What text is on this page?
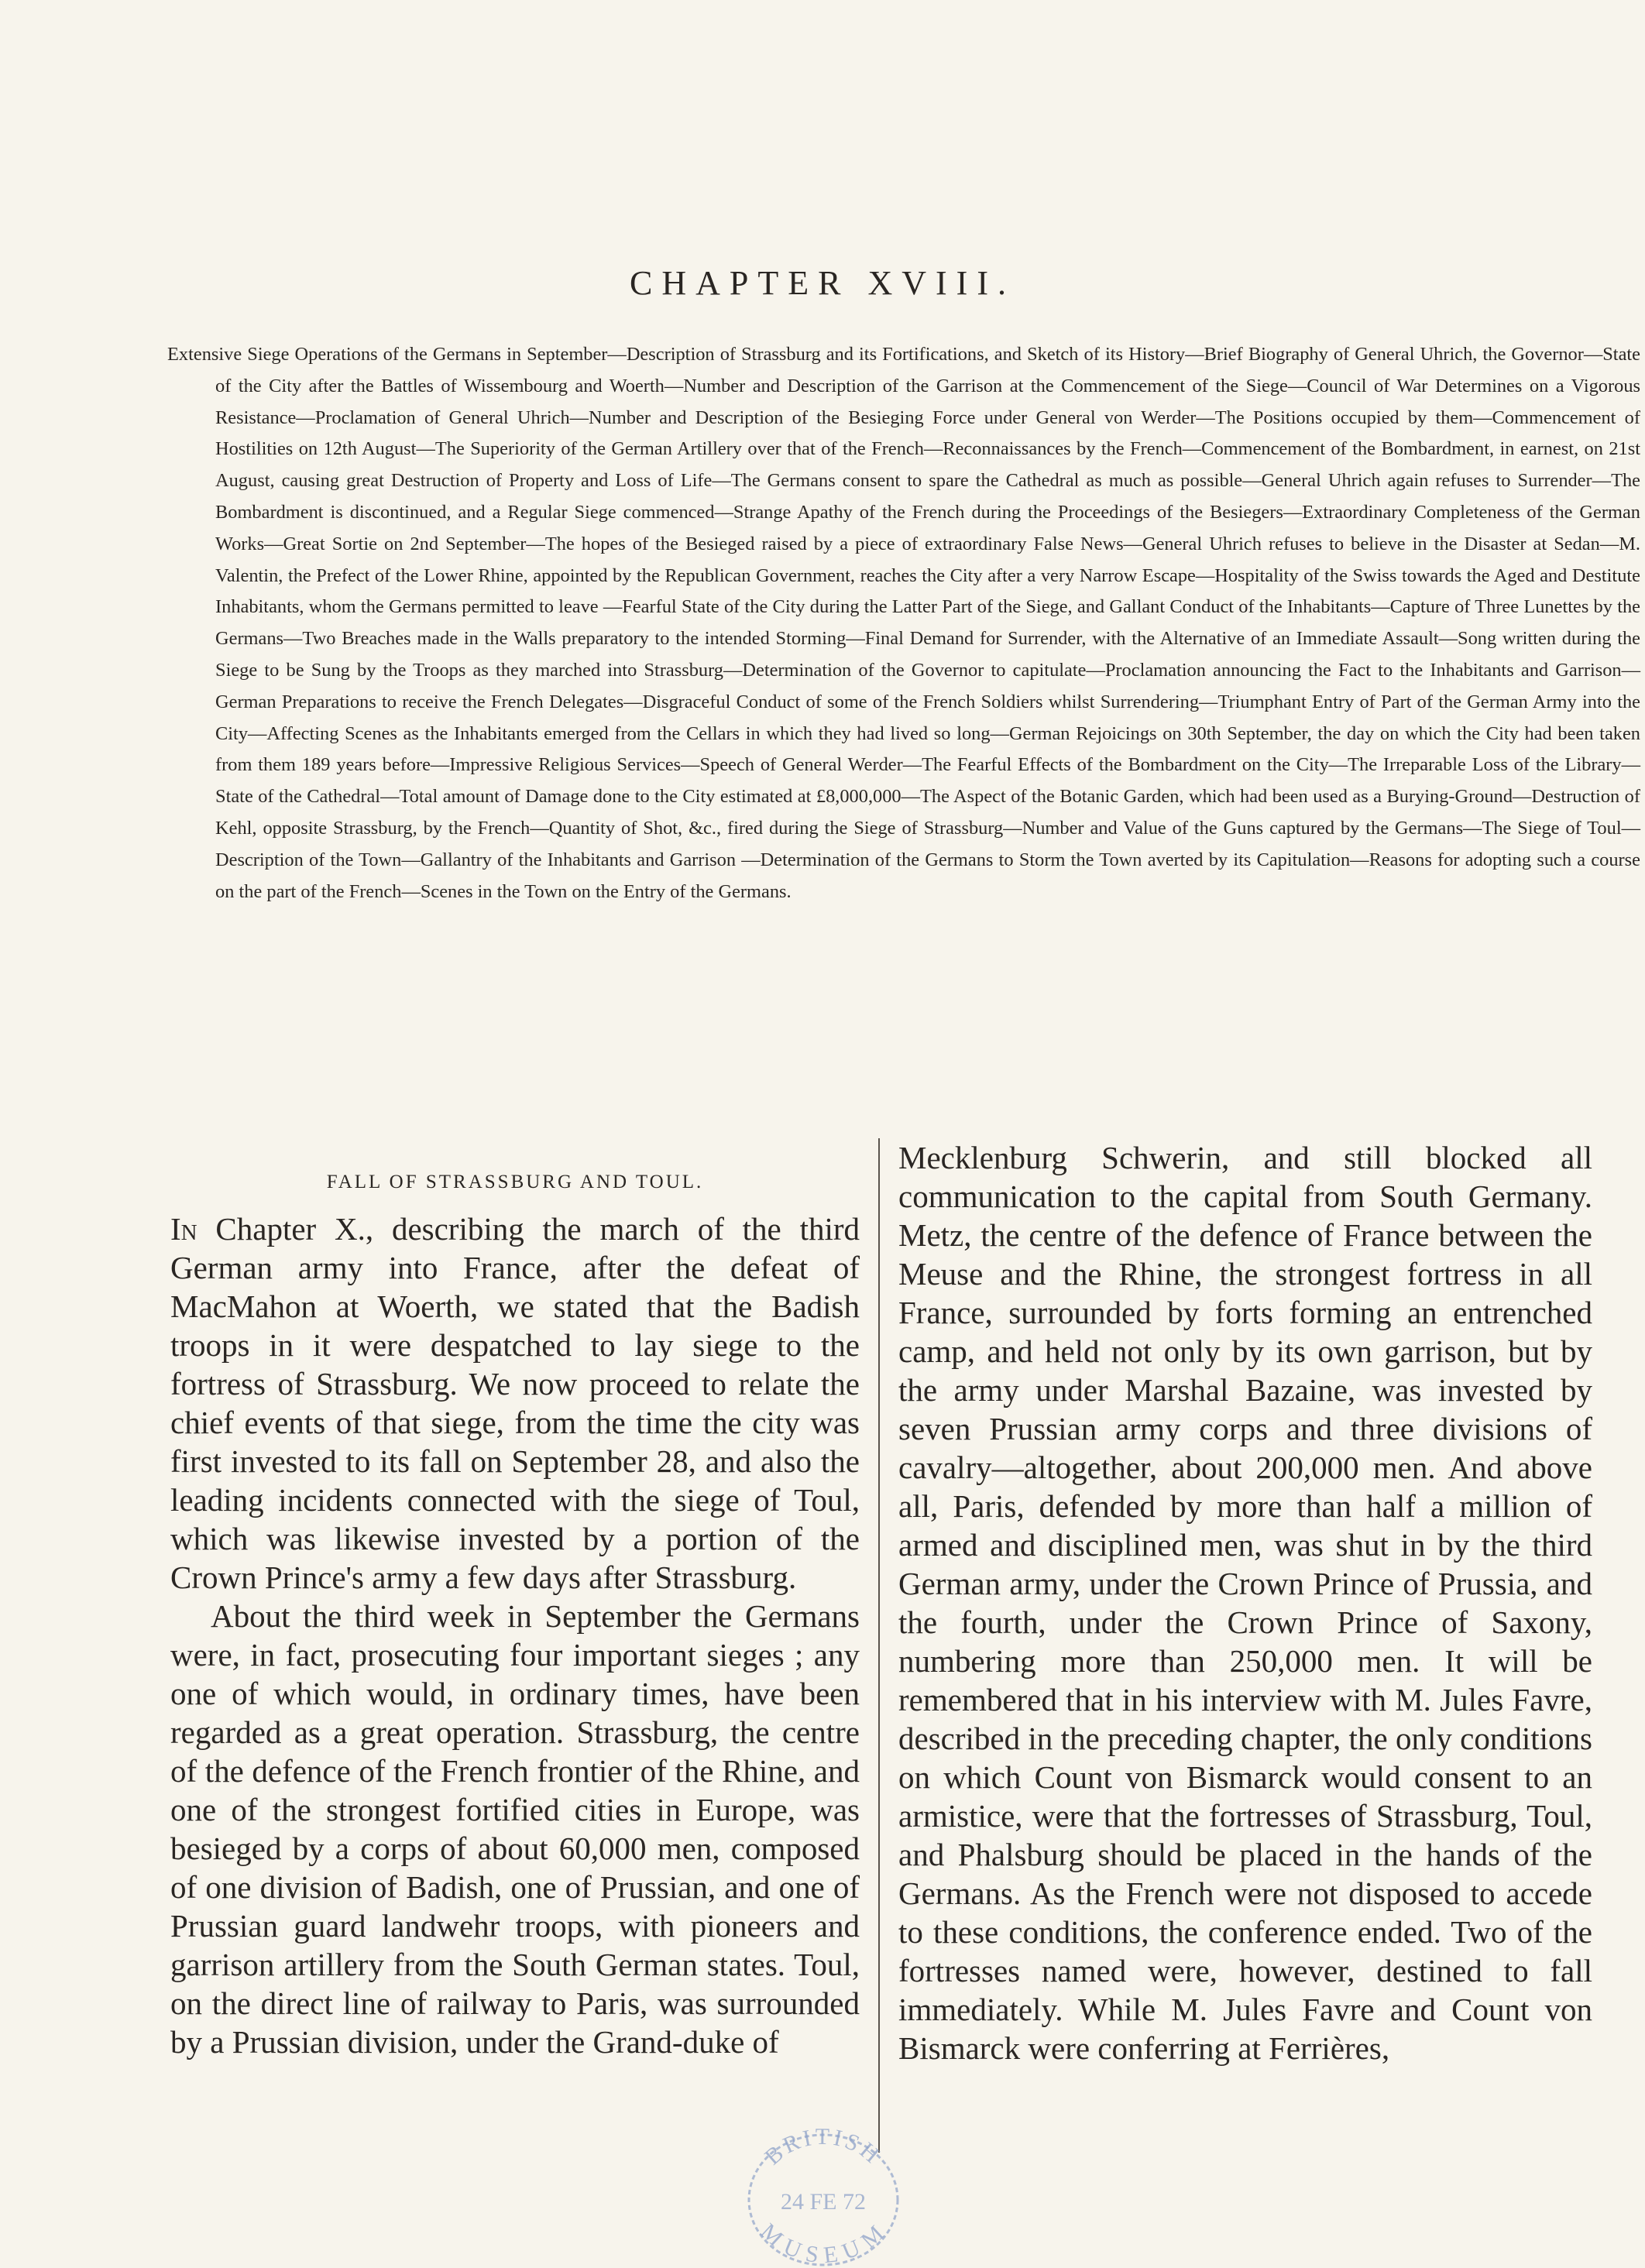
CHAPTER XVIII.

Extensive Siege Operations of the Germans in September—Description of Strassburg and its Fortifications, and Sketch of its History—Brief Biography of General Uhrich, the Governor—State of the City after the Battles of Wissembourg and Woerth—Number and Description of the Garrison at the Commencement of the Siege—Council of War Determines on a Vigorous Resistance—Proclamation of General Uhrich—Number and Description of the Besieging Force under General von Werder—The Positions occupied by them—Commencement of Hostilities on 12th August—The Superiority of the German Artillery over that of the French—Reconnaissances by the French—Commencement of the Bombardment, in earnest, on 21st August, causing great Destruction of Property and Loss of Life—The Germans consent to spare the Cathedral as much as possible—General Uhrich again refuses to Surrender—The Bombardment is discontinued, and a Regular Siege commenced—Strange Apathy of the French during the Proceedings of the Besiegers—Extraordinary Completeness of the German Works—Great Sortie on 2nd September—The hopes of the Besieged raised by a piece of extraordinary False News—General Uhrich refuses to believe in the Disaster at Sedan—M. Valentin, the Prefect of the Lower Rhine, appointed by the Republican Government, reaches the City after a very Narrow Escape—Hospitality of the Swiss towards the Aged and Destitute Inhabitants, whom the Germans permitted to leave —Fearful State of the City during the Latter Part of the Siege, and Gallant Conduct of the Inhabitants—Capture of Three Lunettes by the Germans—Two Breaches made in the Walls preparatory to the intended Storming—Final Demand for Surrender, with the Alternative of an Immediate Assault—Song written during the Siege to be Sung by the Troops as they marched into Strassburg—Determination of the Governor to capitulate—Proclamation announcing the Fact to the Inhabitants and Garrison—German Preparations to receive the French Delegates—Disgraceful Conduct of some of the French Soldiers whilst Surrendering—Triumphant Entry of Part of the German Army into the City—Affecting Scenes as the Inhabitants emerged from the Cellars in which they had lived so long—German Rejoicings on 30th September, the day on which the City had been taken from them 189 years before—Impressive Religious Services—Speech of General Werder—The Fearful Effects of the Bombardment on the City—The Irreparable Loss of the Library—State of the Cathedral—Total amount of Damage done to the City estimated at £8,000,000—The Aspect of the Botanic Garden, which had been used as a Burying-Ground—Destruction of Kehl, opposite Strassburg, by the French—Quantity of Shot, &c., fired during the Siege of Strassburg—Number and Value of the Guns captured by the Germans—The Siege of Toul—Description of the Town—Gallantry of the Inhabitants and Garrison —Determination of the Germans to Storm the Town averted by its Capitulation—Reasons for adopting such a course on the part of the French—Scenes in the Town on the Entry of the Germans.

FALL OF STRASSBURG AND TOUL.

In Chapter X., describing the march of the third German army into France, after the defeat of MacMahon at Woerth, we stated that the Badish troops in it were despatched to lay siege to the fortress of Strassburg. We now proceed to relate the chief events of that siege, from the time the city was first invested to its fall on September 28, and also the leading incidents connected with the siege of Toul, which was likewise invested by a portion of the Crown Prince's army a few days after Strassburg.

About the third week in September the Germans were, in fact, prosecuting four important sieges ; any one of which would, in ordinary times, have been regarded as a great operation. Strassburg, the centre of the defence of the French frontier of the Rhine, and one of the strongest fortified cities in Europe, was besieged by a corps of about 60,000 men, composed of one division of Badish, one of Prussian, and one of Prussian guard landwehr troops, with pioneers and garrison artillery from the South German states. Toul, on the direct line of railway to Paris, was surrounded by a Prussian division, under the Grand-duke of

Mecklenburg Schwerin, and still blocked all communication to the capital from South Germany. Metz, the centre of the defence of France between the Meuse and the Rhine, the strongest fortress in all France, surrounded by forts forming an entrenched camp, and held not only by its own garrison, but by the army under Marshal Bazaine, was invested by seven Prussian army corps and three divisions of cavalry—altogether, about 200,000 men. And above all, Paris, defended by more than half a million of armed and disciplined men, was shut in by the third German army, under the Crown Prince of Prussia, and the fourth, under the Crown Prince of Saxony, numbering more than 250,000 men. It will be remembered that in his interview with M. Jules Favre, described in the preceding chapter, the only conditions on which Count von Bismarck would consent to an armistice, were that the fortresses of Strassburg, Toul, and Phalsburg should be placed in the hands of the Germans. As the French were not disposed to accede to these conditions, the conference ended. Two of the fortresses named were, however, destined to fall immediately. While M. Jules Favre and Count von Bismarck were conferring at Ferrières,

BRITISH
24 FE 72
MUSEUM
